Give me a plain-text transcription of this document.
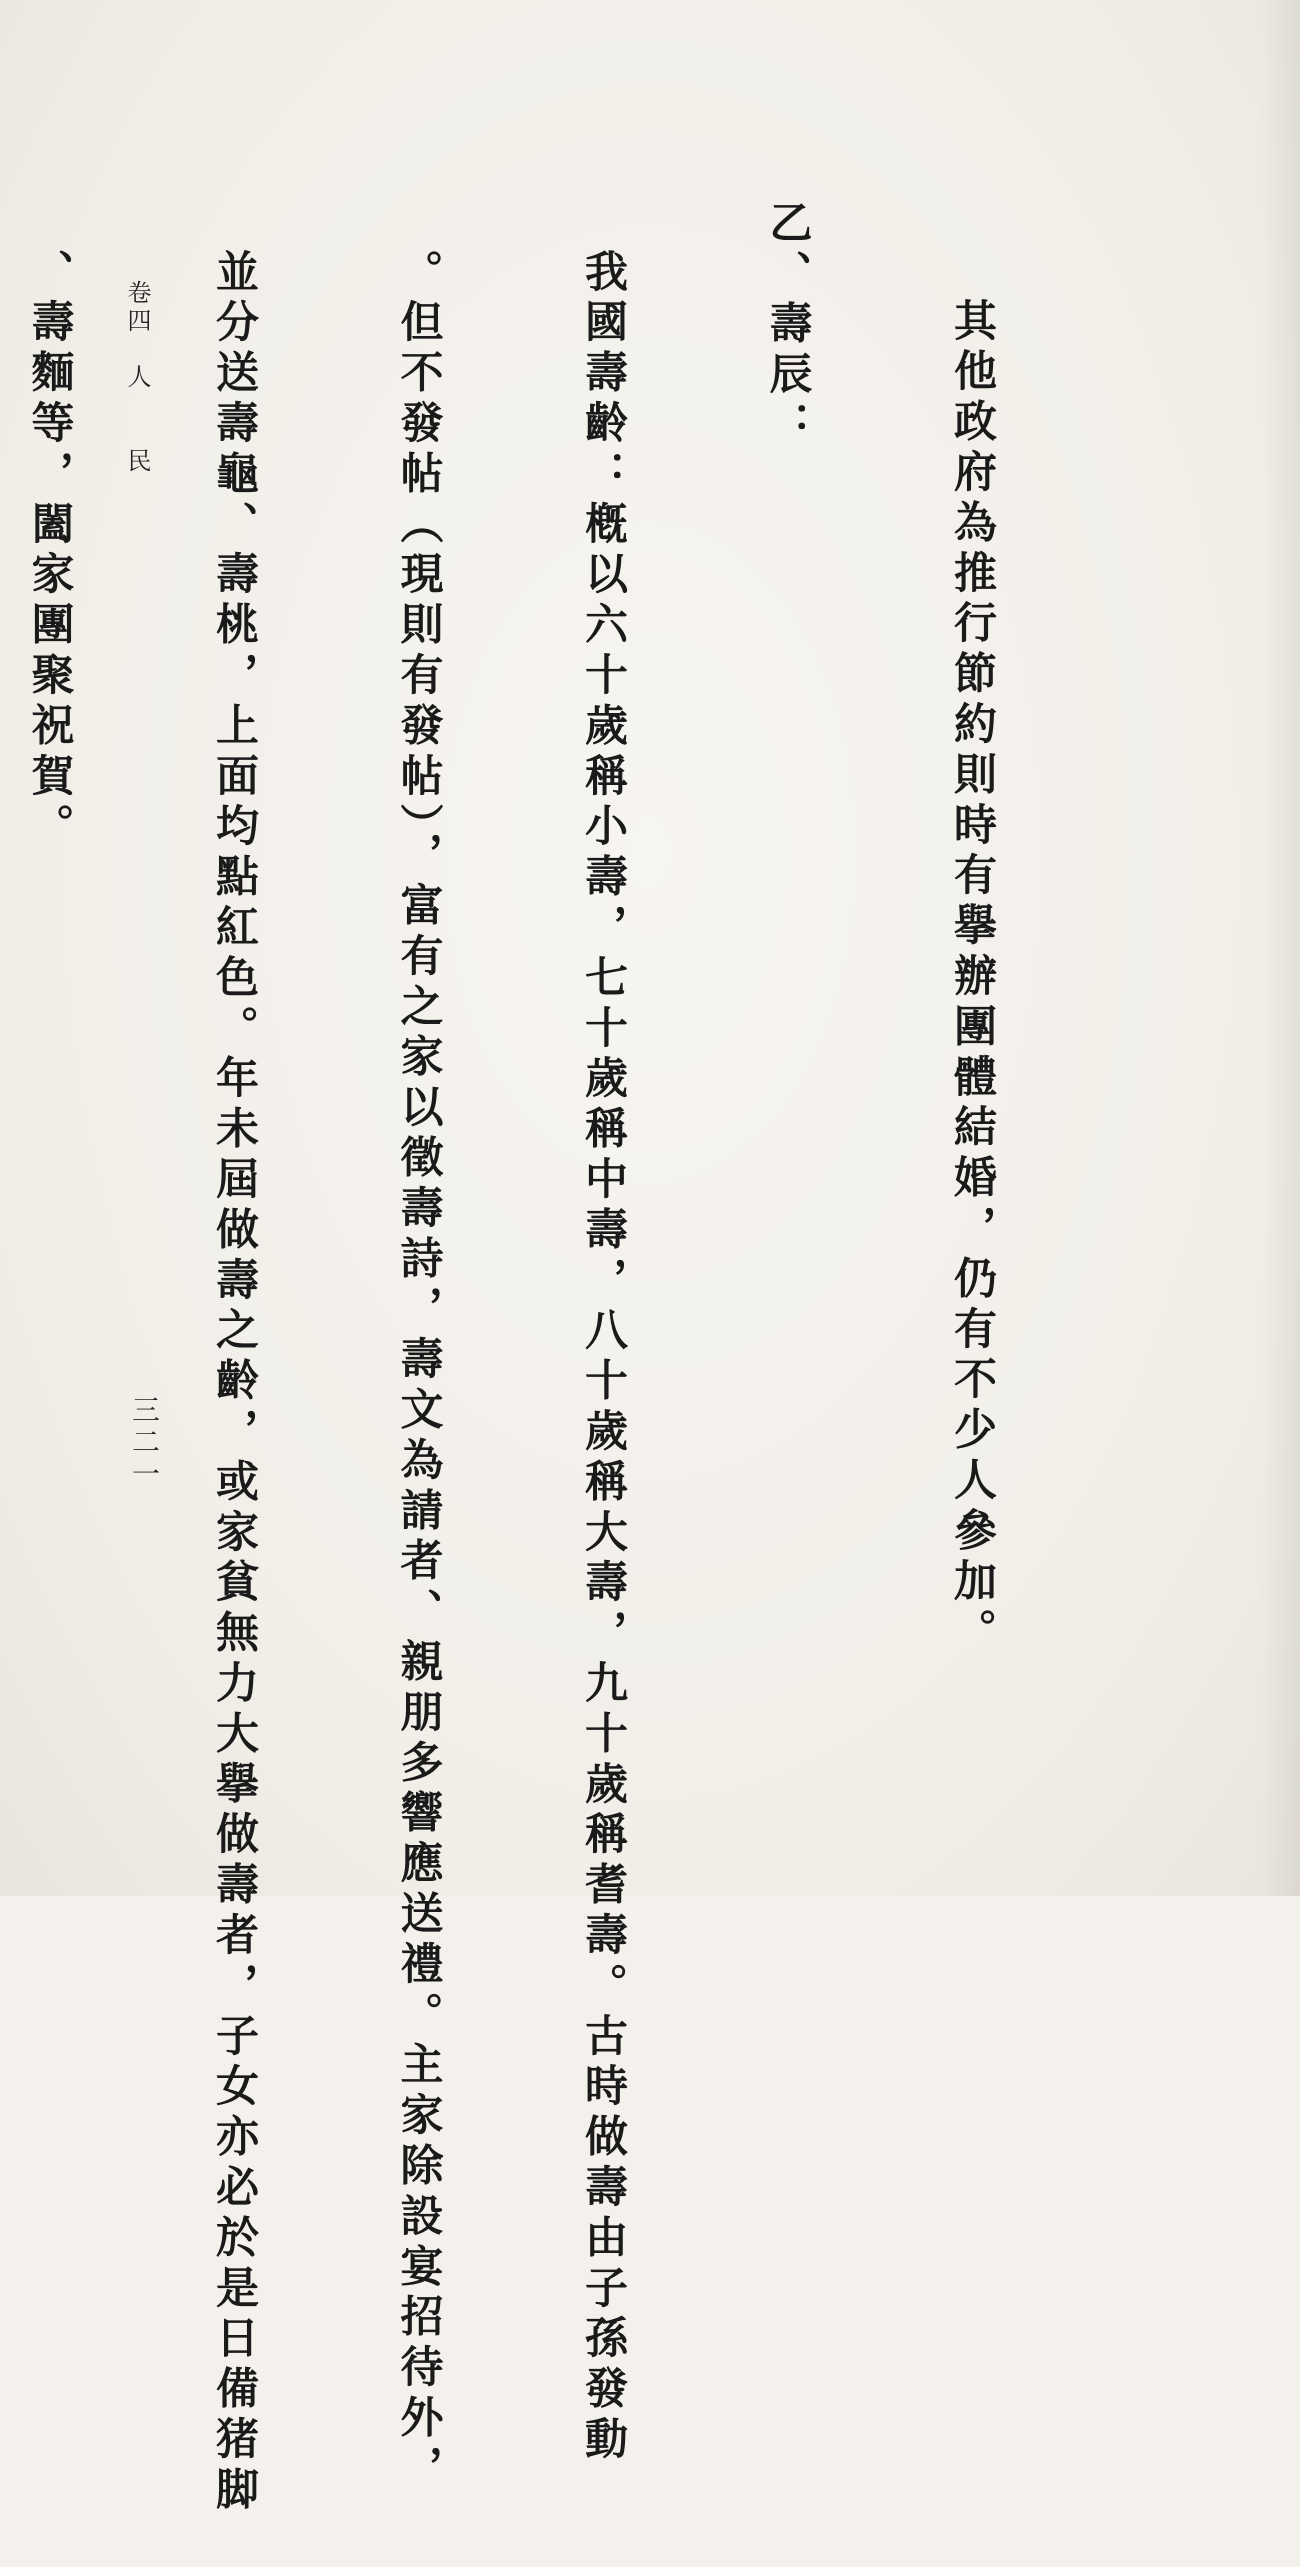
其他政府為推行節約則時有擧辦團體結婚，仍有不少人參加。

乙、壽辰：

我國壽齡：槪以六十歲稱小壽，七十歲稱中壽，八十歲稱大壽，九十歲稱耆壽。古時做壽由子孫發動

。但不發帖（現則有發帖），富有之家以徵壽詩，壽文為請者、親朋多響應送禮。主家除設宴招待外，

並分送壽龜、壽桃，上面均點紅色。年未屆做壽之齡，或家貧無力大擧做壽者，子女亦必於是日備猪脚

、壽麵等，闔家團聚祝賀。

卷四　人　　民
三二一
